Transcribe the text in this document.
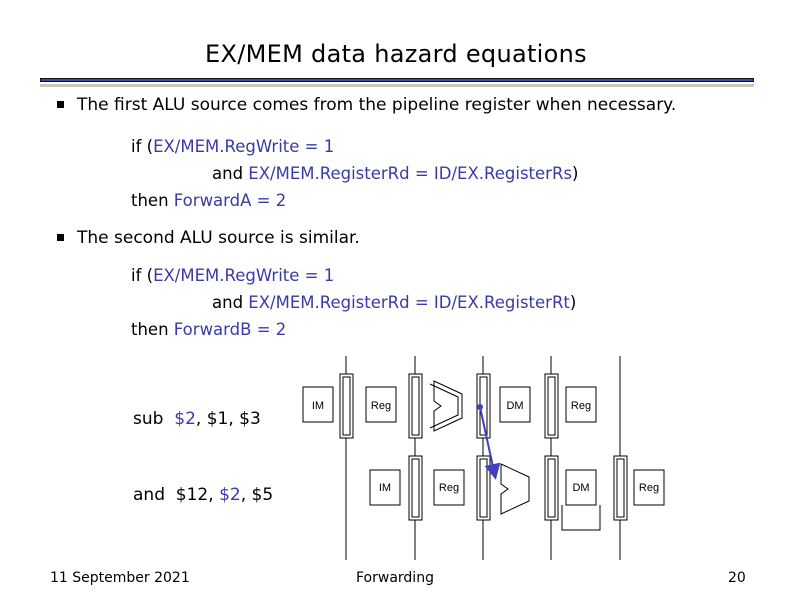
EX/MEM data hazard equations
The first ALU source comes from the pipeline register when necessary.
if (EX/MEM.RegWrite = 1
and EX/MEM.RegisterRd = ID/EX.RegisterRs)
then ForwardA = 2
The second ALU source is similar.
if (EX/MEM.RegWrite = 1
and EX/MEM.RegisterRd = ID/EX.RegisterRt)
then ForwardB = 2
sub $2, $1, $3
and $12, $2, $5
IM	Reg	DM	Reg
IM	Reg	DM	Reg
11 September 2021	Forwarding	20
